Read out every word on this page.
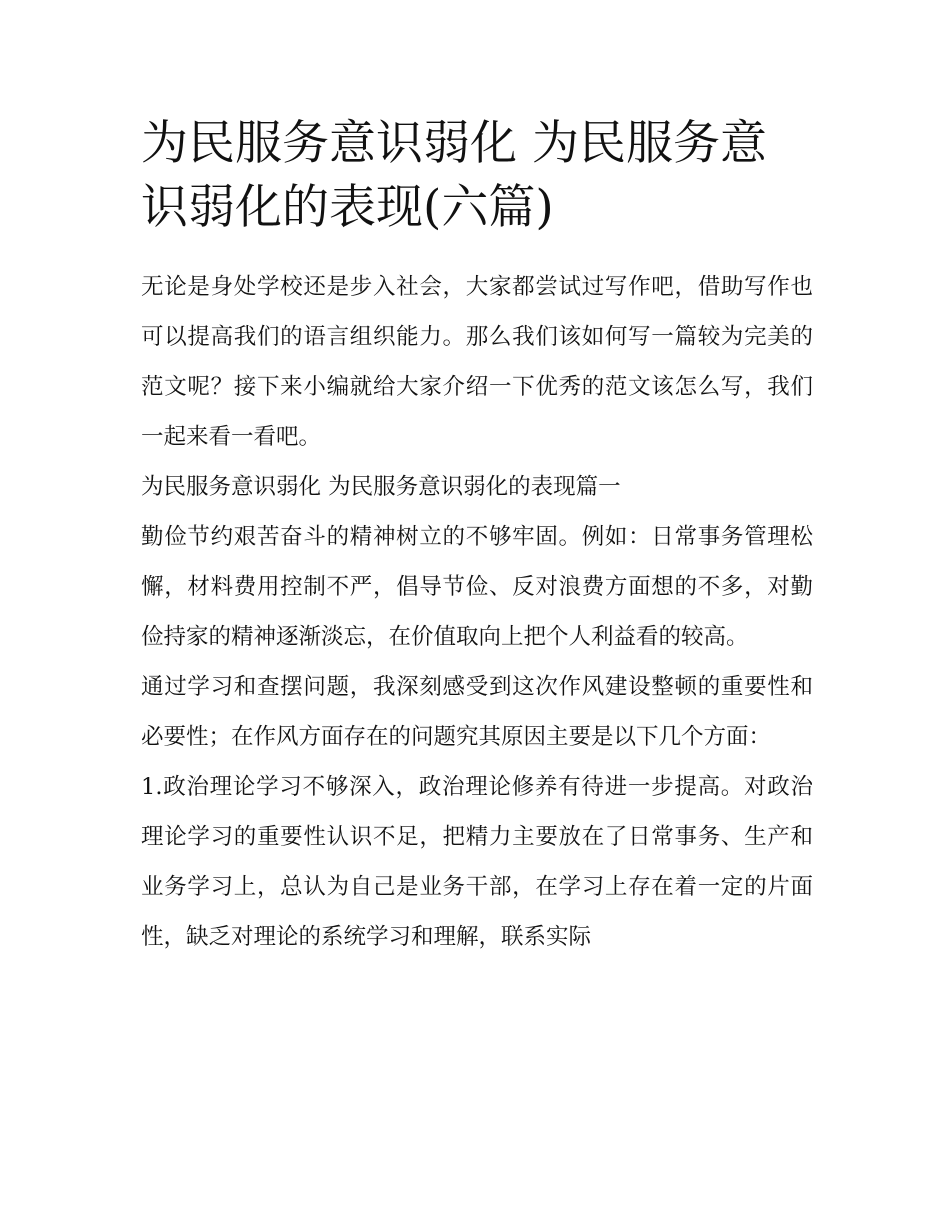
为民服务意识弱化 为民服务意识弱化的表现(六篇)

无论是身处学校还是步入社会，大家都尝试过写作吧，借助写作也可以提高我们的语言组织能力。那么我们该如何写一篇较为完美的范文呢？接下来小编就给大家介绍一下优秀的范文该怎么写，我们一起来看一看吧。

为民服务意识弱化 为民服务意识弱化的表现篇一

勤俭节约艰苦奋斗的精神树立的不够牢固。例如：日常事务管理松懈，材料费用控制不严，倡导节俭、反对浪费方面想的不多，对勤俭持家的精神逐渐淡忘，在价值取向上把个人利益看的较高。

通过学习和查摆问题，我深刻感受到这次作风建设整顿的重要性和必要性；在作风方面存在的问题究其原因主要是以下几个方面：

1.政治理论学习不够深入，政治理论修养有待进一步提高。对政治理论学习的重要性认识不足，把精力主要放在了日常事务、生产和业务学习上，总认为自己是业务干部，在学习上存在着一定的片面性，缺乏对理论的系统学习和理解，联系实际
